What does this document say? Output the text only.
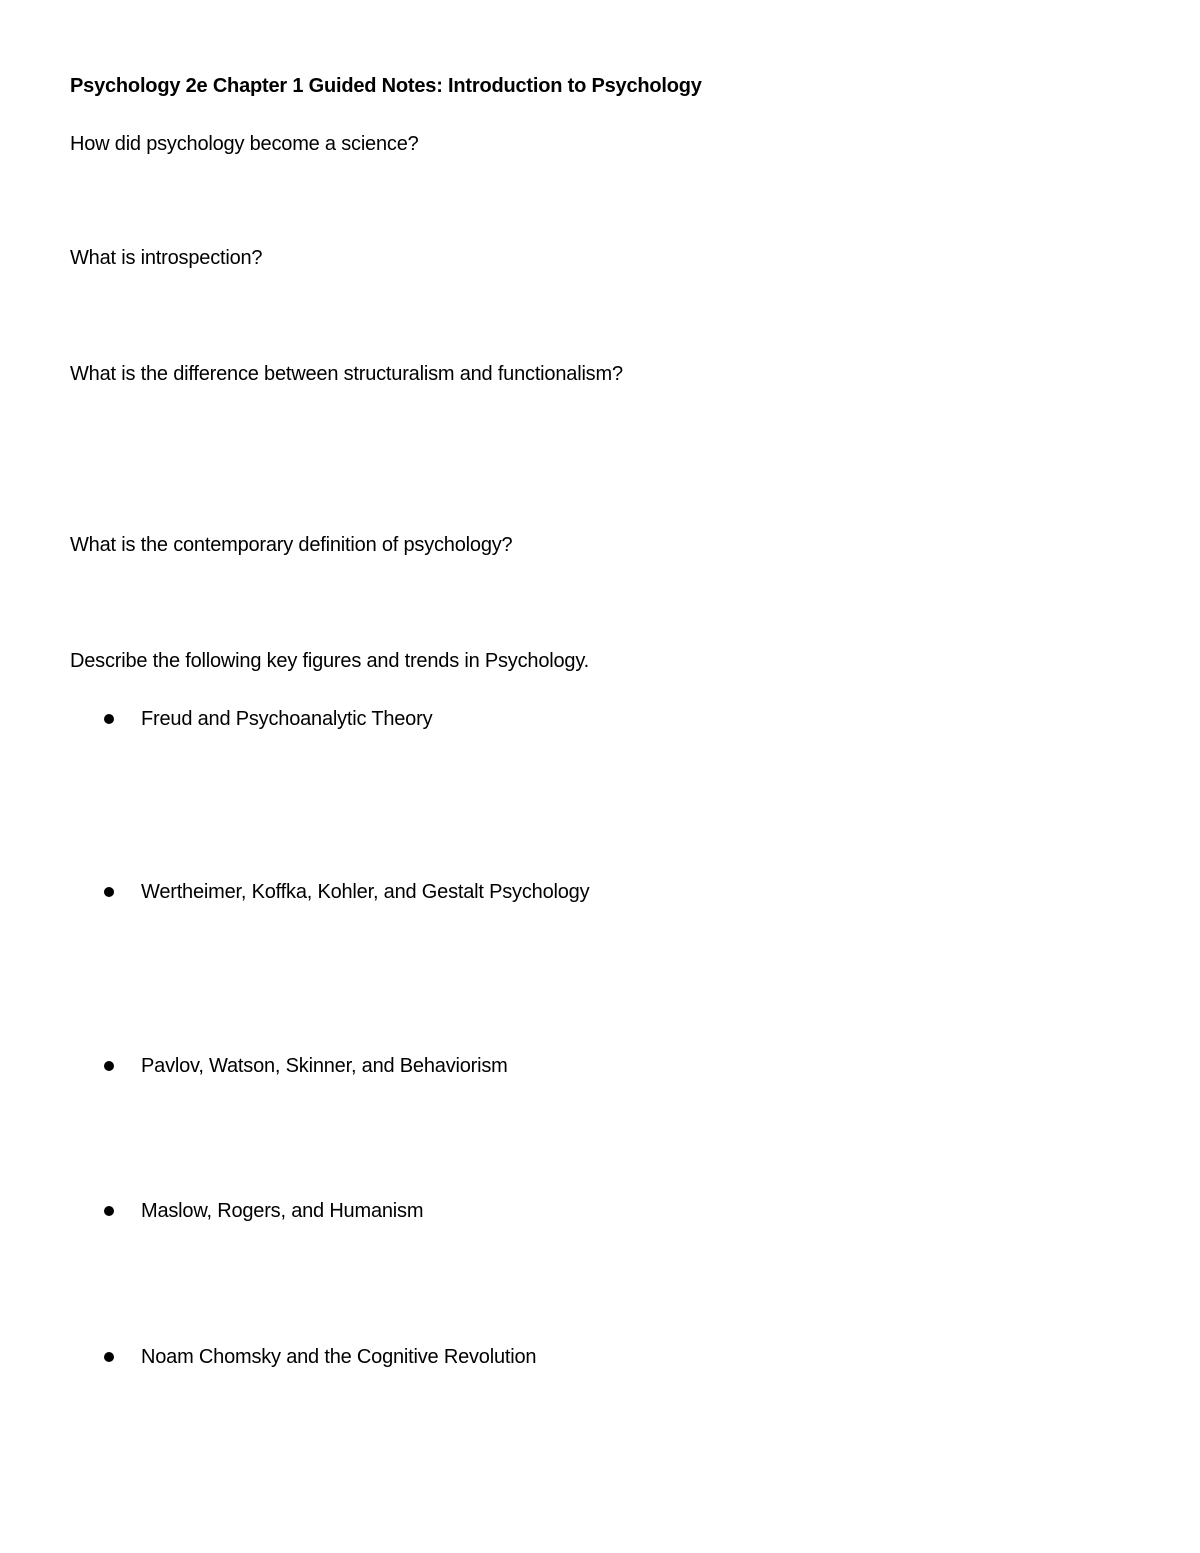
Psychology 2e Chapter 1 Guided Notes: Introduction to Psychology
How did psychology become a science?
What is introspection?
What is the difference between structuralism and functionalism?
What is the contemporary definition of psychology?
Describe the following key figures and trends in Psychology.
Freud and Psychoanalytic Theory
Wertheimer, Koffka, Kohler, and Gestalt Psychology
Pavlov, Watson, Skinner, and Behaviorism
Maslow, Rogers, and Humanism
Noam Chomsky and the Cognitive Revolution
